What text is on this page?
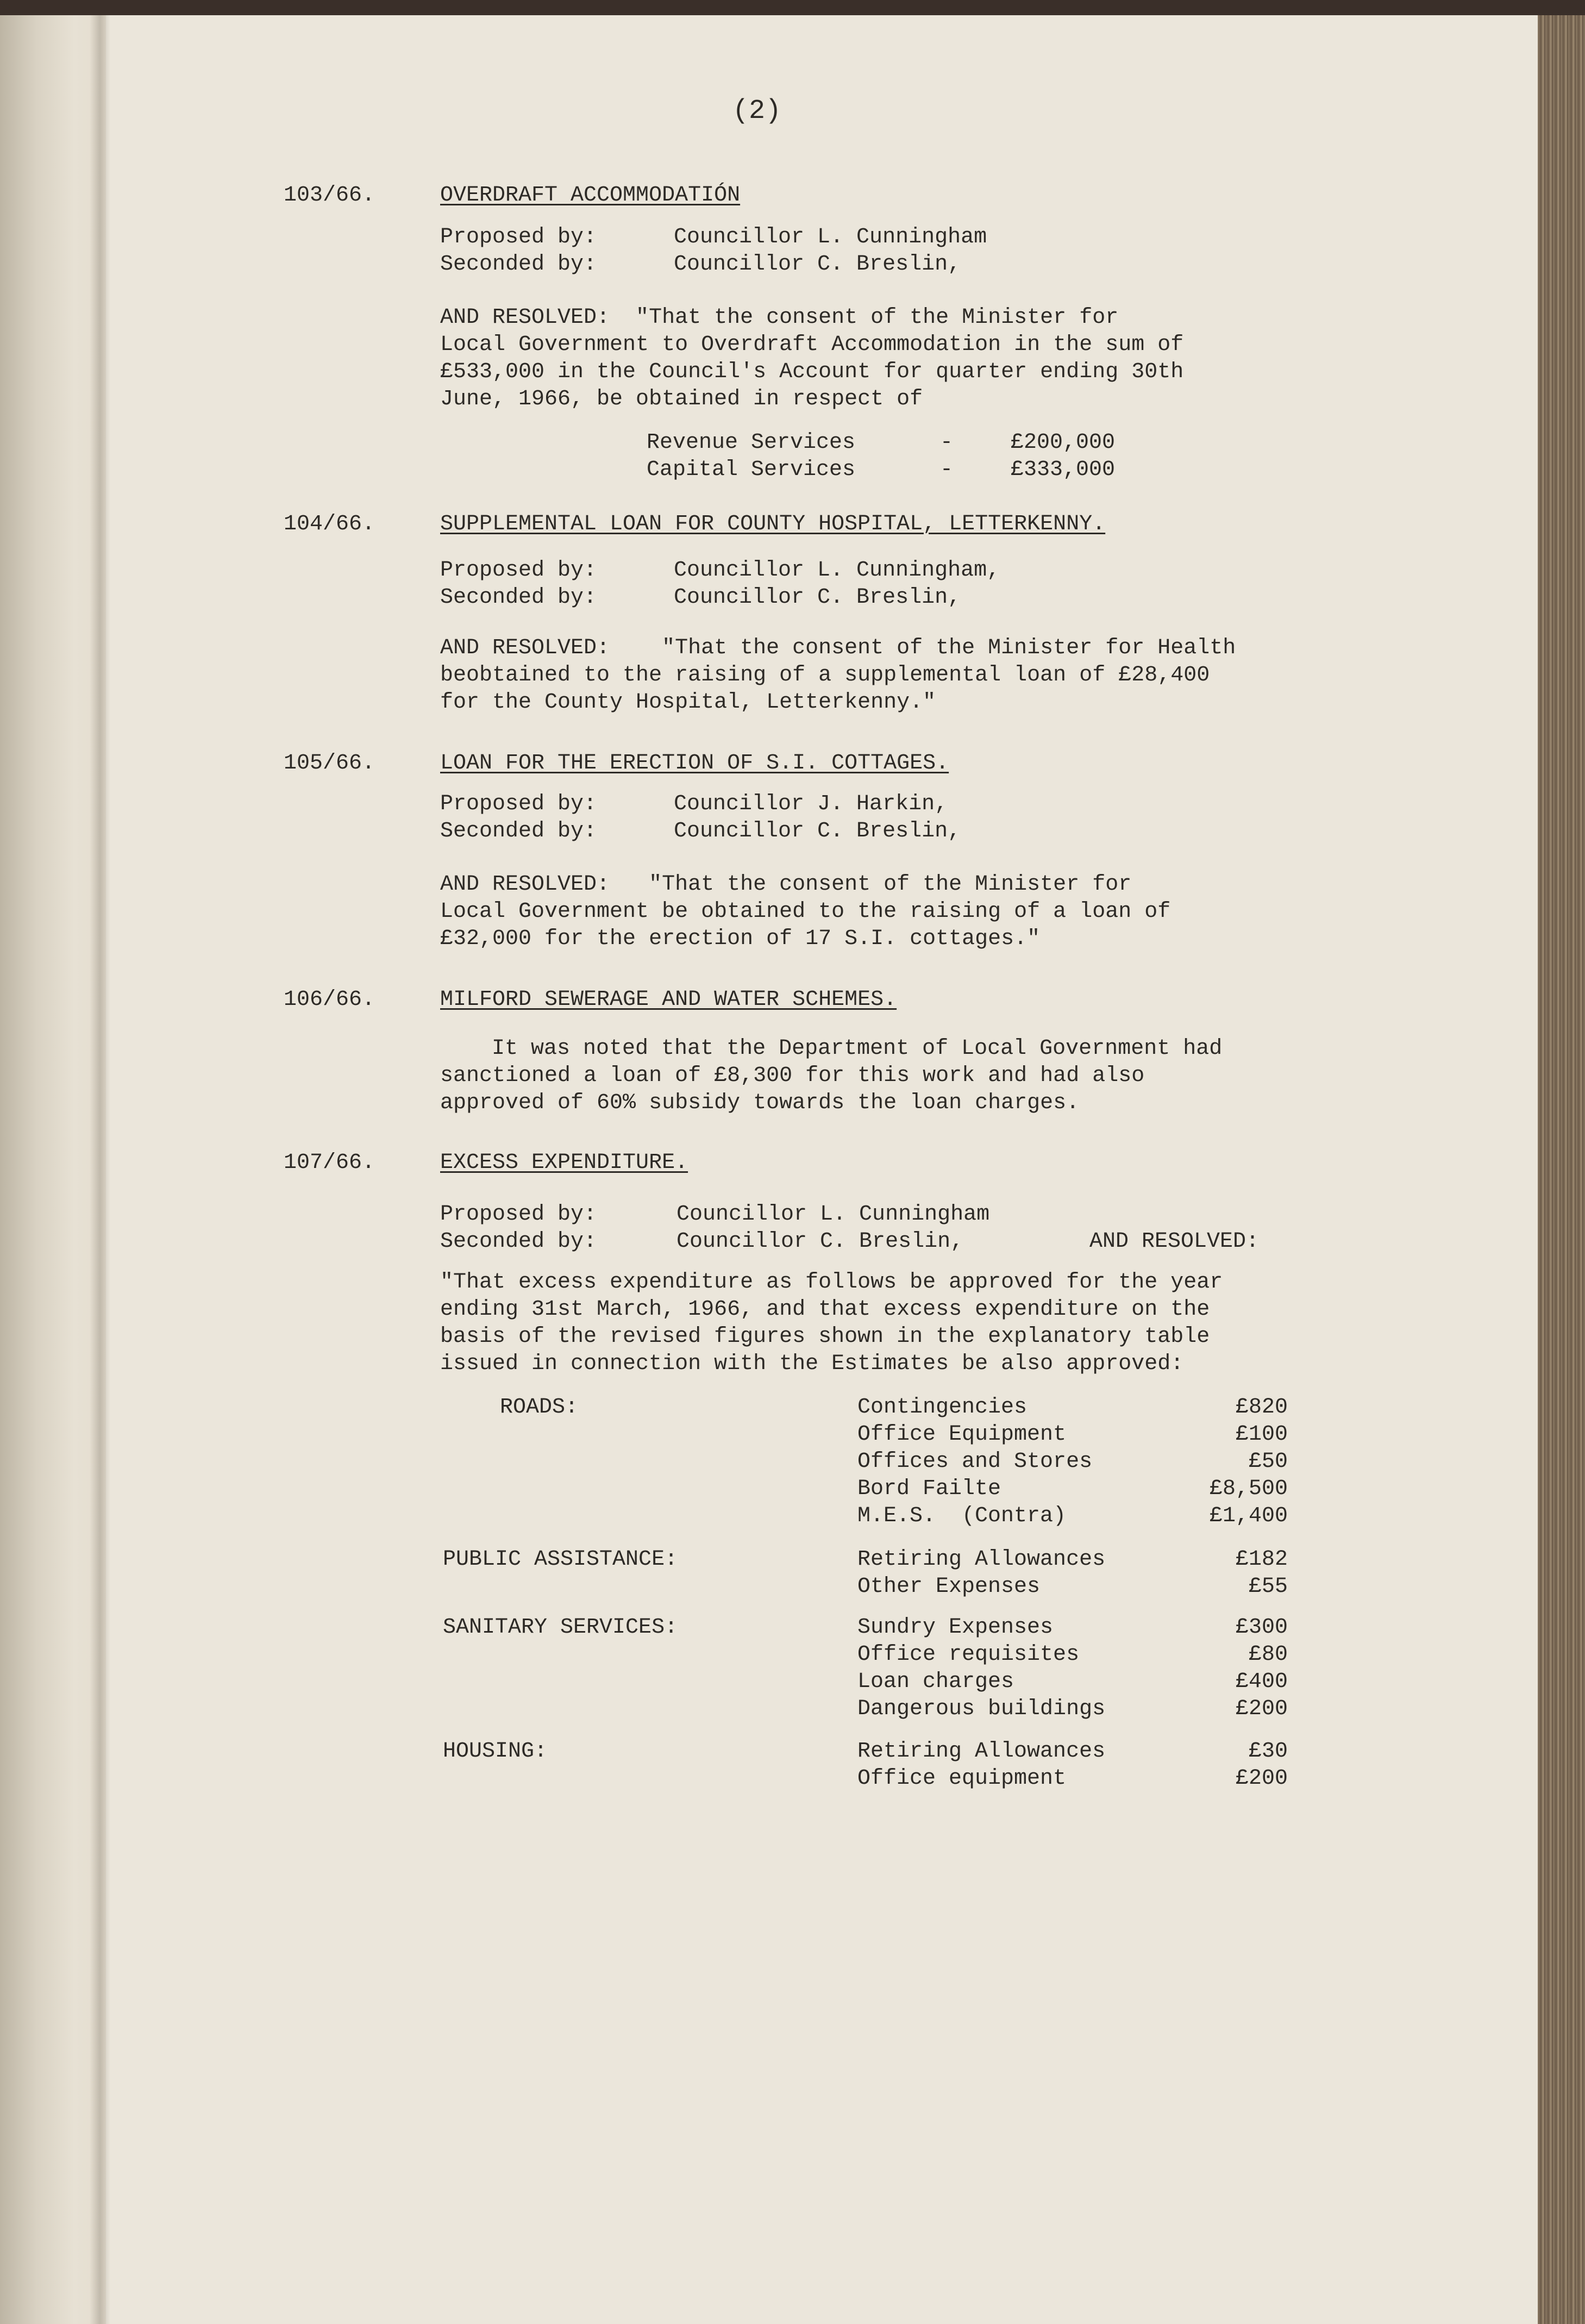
(2)
103/66.	OVERDRAFT ACCOMMODATIÓN
Proposed by:	Councillor L. Cunningham
Seconded by:	Councillor C. Breslin,
AND RESOLVED:  "That the consent of the Minister for
Local Government to Overdraft Accommodation in the sum of
£533,000 in the Council's Account for quarter ending 30th
June, 1966, be obtained in respect of
Revenue Services	-	£200,000
Capital Services	-	£333,000
104/66.	SUPPLEMENTAL LOAN FOR COUNTY HOSPITAL, LETTERKENNY.
Proposed by:	Councillor L. Cunningham,
Seconded by:	Councillor C. Breslin,
AND RESOLVED:    "That the consent of the Minister for Health
beobtained to the raising of a supplemental loan of £28,400
for the County Hospital, Letterkenny."
105/66.	LOAN FOR THE ERECTION OF S.I. COTTAGES.
Proposed by:	Councillor J. Harkin,
Seconded by:	Councillor C. Breslin,
AND RESOLVED:   "That the consent of the Minister for
Local Government be obtained to the raising of a loan of
£32,000 for the erection of 17 S.I. cottages."
106/66.	MILFORD SEWERAGE AND WATER SCHEMES.
It was noted that the Department of Local Government had
sanctioned a loan of £8,300 for this work and had also
approved of 60% subsidy towards the loan charges.
107/66.	EXCESS EXPENDITURE.
Proposed by:	Councillor L. Cunningham
Seconded by:	Councillor C. Breslin,	AND RESOLVED:
"That excess expenditure as follows be approved for the year
ending 31st March, 1966, and that excess expenditure on the
basis of the revised figures shown in the explanatory table
issued in connection with the Estimates be also approved:
ROADS:	Contingencies	£820
Office Equipment	£100
Offices and Stores	£50
Bord Failte	£8,500
M.E.S.  (Contra)	£1,400
PUBLIC ASSISTANCE:	Retiring Allowances	£182
Other Expenses	£55
SANITARY SERVICES:	Sundry Expenses	£300
Office requisites	£80
Loan charges	£400
Dangerous buildings	£200
HOUSING:	Retiring Allowances	£30
Office equipment	£200
